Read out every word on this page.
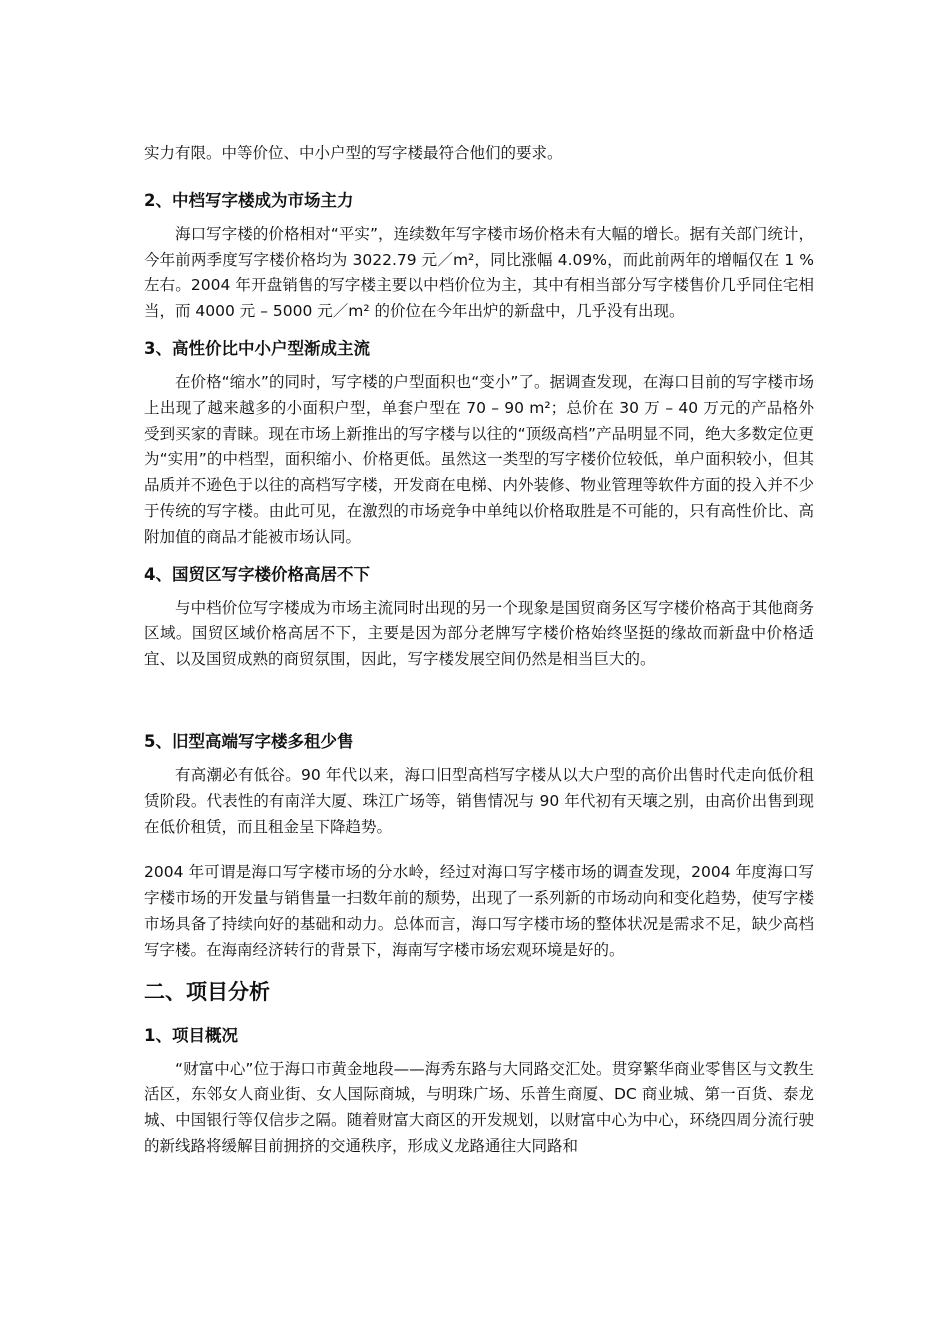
实力有限。中等价位、中小户型的写字楼最符合他们的要求。

2、中档写字楼成为市场主力

海口写字楼的价格相对“平实”，连续数年写字楼市场价格未有大幅的增长。据有关部门统计，今年前两季度写字楼价格均为 3022.79 元／m²，同比涨幅 4.09%，而此前两年的增幅仅在 1 %左右。2004 年开盘销售的写字楼主要以中档价位为主，其中有相当部分写字楼售价几乎同住宅相当，而 4000 元 – 5000 元／m² 的价位在今年出炉的新盘中，几乎没有出现。

3、高性价比中小户型渐成主流

在价格“缩水”的同时，写字楼的户型面积也“变小”了。据调查发现，在海口目前的写字楼市场上出现了越来越多的小面积户型，单套户型在 70 – 90 m²；总价在 30 万 – 40 万元的产品格外受到买家的青睐。现在市场上新推出的写字楼与以往的“顶级高档”产品明显不同，绝大多数定位更为“实用”的中档型，面积缩小、价格更低。虽然这一类型的写字楼价位较低，单户面积较小，但其品质并不逊色于以往的高档写字楼，开发商在电梯、内外装修、物业管理等软件方面的投入并不少于传统的写字楼。由此可见，在激烈的市场竞争中单纯以价格取胜是不可能的，只有高性价比、高附加值的商品才能被市场认同。

4、国贸区写字楼价格高居不下

与中档价位写字楼成为市场主流同时出现的另一个现象是国贸商务区写字楼价格高于其他商务区域。国贸区域价格高居不下，主要是因为部分老牌写字楼价格始终坚挺的缘故而新盘中价格适宜、以及国贸成熟的商贸氛围，因此，写字楼发展空间仍然是相当巨大的。

5、旧型高端写字楼多租少售

有高潮必有低谷。90 年代以来，海口旧型高档写字楼从以大户型的高价出售时代走向低价租赁阶段。代表性的有南洋大厦、珠江广场等，销售情况与 90 年代初有天壤之别，由高价出售到现在低价租赁，而且租金呈下降趋势。

2004 年可谓是海口写字楼市场的分水岭，经过对海口写字楼市场的调查发现，2004 年度海口写字楼市场的开发量与销售量一扫数年前的颓势，出现了一系列新的市场动向和变化趋势，使写字楼市场具备了持续向好的基础和动力。总体而言，海口写字楼市场的整体状况是需求不足，缺少高档写字楼。在海南经济转行的背景下，海南写字楼市场宏观环境是好的。

二、项目分析
1、项目概况

“财富中心”位于海口市黄金地段——海秀东路与大同路交汇处。贯穿繁华商业零售区与文教生活区，东邻女人商业街、女人国际商城，与明珠广场、乐普生商厦、DC 商业城、第一百货、泰龙城、中国银行等仅信步之隔。随着财富大商区的开发规划，以财富中心为中心，环绕四周分流行驶的新线路将缓解目前拥挤的交通秩序，形成义龙路通往大同路和
